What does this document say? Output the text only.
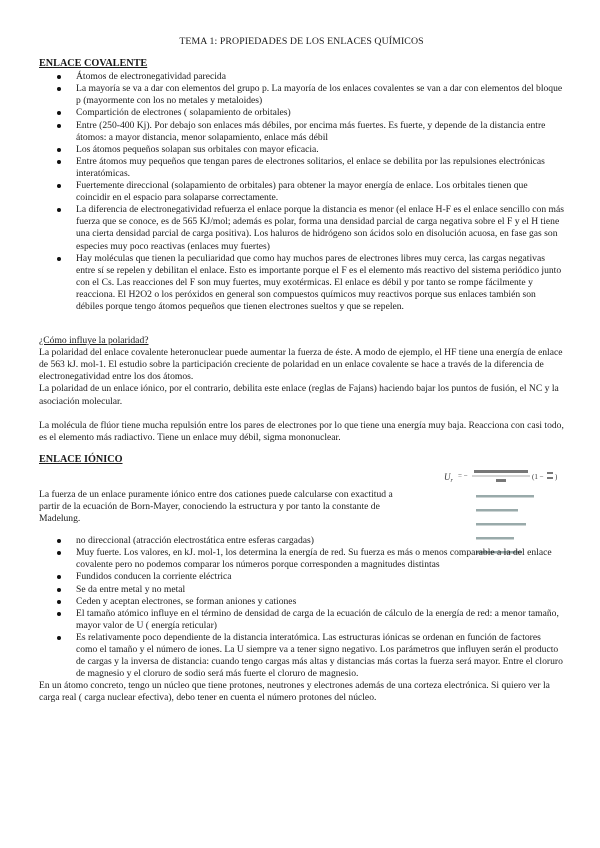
TEMA 1: PROPIEDADES DE LOS ENLACES QUÍMICOS
ENLACE COVALENTE
Átomos de electronegatividad parecida
La mayoría se va a dar con elementos del grupo p. La mayoría de los enlaces covalentes se van a dar con elementos del bloque p (mayormente con los no metales y metaloides)
Compartición de electrones ( solapamiento de orbitales)
Entre (250-400 Kj). Por debajo son enlaces más débiles, por encima más fuertes. Es fuerte, y depende de la distancia entre átomos: a mayor distancia, menor solapamiento, enlace más débil
Los átomos pequeños solapan sus orbitales con mayor eficacia.
Entre átomos muy pequeños que tengan pares de electrones solitarios, el enlace se debilita por las repulsiones electrónicas interatómicas.
Fuertemente direccional (solapamiento de orbitales) para obtener la mayor energía de enlace. Los orbitales tienen que coincidir en el espacio para solaparse correctamente.
La diferencia de electronegatividad refuerza el enlace porque la distancia es menor (el enlace H-F es el enlace sencillo con más fuerza que se conoce, es de 565 KJ/mol; además es polar, forma una densidad parcial de carga negativa sobre el F y el H tiene una cierta densidad parcial de carga positiva). Los haluros de hidrógeno son ácidos solo en disolución acuosa, en fase gas son especies muy poco reactivas (enlaces muy fuertes)
Hay moléculas que tienen la peculiaridad que como hay muchos pares de electrones libres muy cerca, las cargas negativas entre sí se repelen y debilitan el enlace. Esto es importante porque el F es el elemento más reactivo del sistema periódico junto con el Cs. Las reacciones del F son muy fuertes, muy exotérmicas. El enlace es débil y por tanto se rompe fácilmente y reacciona. El H2O2 o los peróxidos en general son compuestos químicos muy reactivos porque sus enlaces también son débiles porque tengo átomos pequeños que tienen electrones sueltos y que se repelen.

¿Cómo influye la polaridad?

La polaridad del enlace covalente heteronuclear puede aumentar la fuerza de éste. A modo de ejemplo, el HF tiene una energía de enlace de 563 kJ. mol-1. El estudio sobre la participación creciente de polaridad en un enlace covalente se hace a través de la diferencia de electronegatividad entre los dos átomos.

La polaridad de un enlace iónico, por el contrario, debilita este enlace (reglas de Fajans) haciendo bajar los puntos de fusión, el NC y la asociación molecular.

La molécula de flúor tiene mucha repulsión entre los pares de electrones por lo que tiene una energía muy baja. Reacciona con casi todo, es el elemento más radiactivo. Tiene un enlace muy débil, sigma mononuclear.

ENLACE IÓNICO

La fuerza de un enlace puramente iónico entre dos cationes puede calcularse con exactitud a partir de la ecuación de Born-Mayer, conociendo la estructura y por tanto la constante de Madelung.

$U_r$
= −	(1 − )
no direccional (atracción electrostática entre esferas cargadas)
Muy fuerte. Los valores, en kJ. mol-1, los determina la energía de red. Su fuerza es más o menos comparable a la del enlace covalente pero no podemos comparar los números porque corresponden a magnitudes distintas
Fundidos conducen la corriente eléctrica
Se da entre metal y no metal
Ceden y aceptan electrones, se forman aniones y cationes
El tamaño atómico influye en el término de densidad de carga de la ecuación de cálculo de la energía de red: a menor tamaño, mayor valor de U ( energía reticular)
Es relativamente poco dependiente de la distancia interatómica. Las estructuras iónicas se ordenan en función de factores como el tamaño y el número de iones. La U siempre va a tener signo negativo. Los parámetros que influyen serán el producto de cargas y la inversa de distancia: cuando tengo cargas más altas y distancias más cortas la fuerza será mayor. Entre el cloruro de magnesio y el cloruro de sodio será más fuerte el cloruro de magnesio.

En un átomo concreto, tengo un núcleo que tiene protones, neutrones y electrones además de una corteza electrónica. Si quiero ver la carga real ( carga nuclear efectiva), debo tener en cuenta el número protones del núcleo.
